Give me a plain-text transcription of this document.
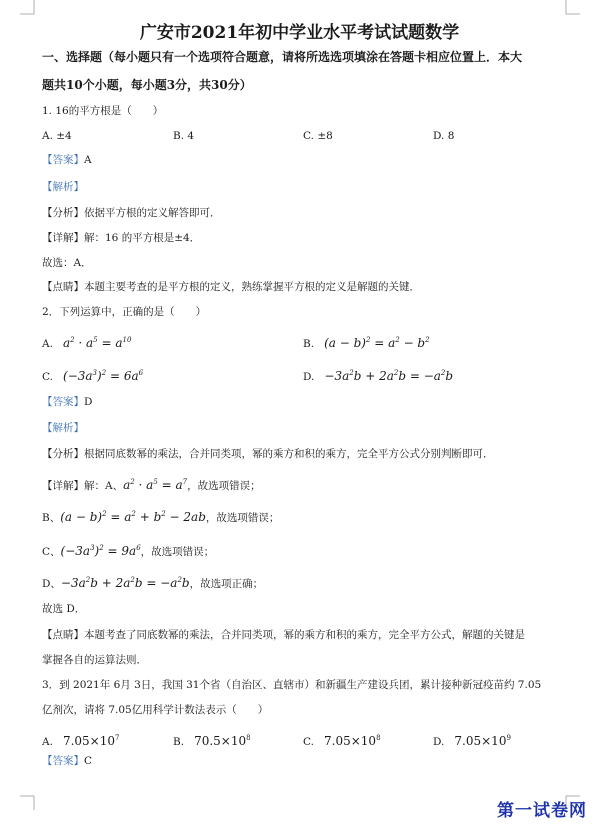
广安市2021年初中学业水平考试试题数学
一、选择题（每小题只有一个选项符合题意，请将所选选项填涂在答题卡相应位置上．本大
题共10个小题，每小题3分，共30分）
1. 16的平方根是（　　）
A. ±4	B. 4	C. ±8	D. 8
【答案】A
【解析】
【分析】依据平方根的定义解答即可．
【详解】解：16 的平方根是±4．
故选：A．
【点睛】本题主要考查的是平方根的定义，熟练掌握平方根的定义是解题的关键．
2．下列运算中，正确的是（　　）
A. $a^2 \cdot a^5 = a^{10}$	B. $(a - b)^2 = a^2 - b^2$
C. $(-3a^3)^2 = 6a^6$	D. $-3a^2b + 2a^2b = -a^2b$
【答案】D
【解析】
【分析】根据同底数幂的乘法，合并同类项，幂的乘方和积的乘方，完全平方公式分别判断即可．
【详解】解：A、$a^2 \cdot a^5 = a^7$，故选项错误；
B、$(a - b)^2 = a^2 + b^2 - 2ab$，故选项错误；
C、$(-3a^3)^2 = 9a^6$，故选项错误；
D、$-3a^2b + 2a^2b = -a^2b$，故选项正确；
故选 D．
【点睛】本题考查了同底数幂的乘法，合并同类项，幂的乘方和积的乘方，完全平方公式，解题的关键是
掌握各自的运算法则．
3．到 2021年 6月 3日，我国 31个省（自治区、直辖市）和新疆生产建设兵团，累计接种新冠疫苗约 7.05
亿剂次，请将 7.05亿用科学计数法表示（　　）
A. $7.05\times 10^7$	B. $70.5\times 10^8$	C. $7.05\times 10^8$	D. $7.05\times 10^9$
【答案】C
第一试卷网
